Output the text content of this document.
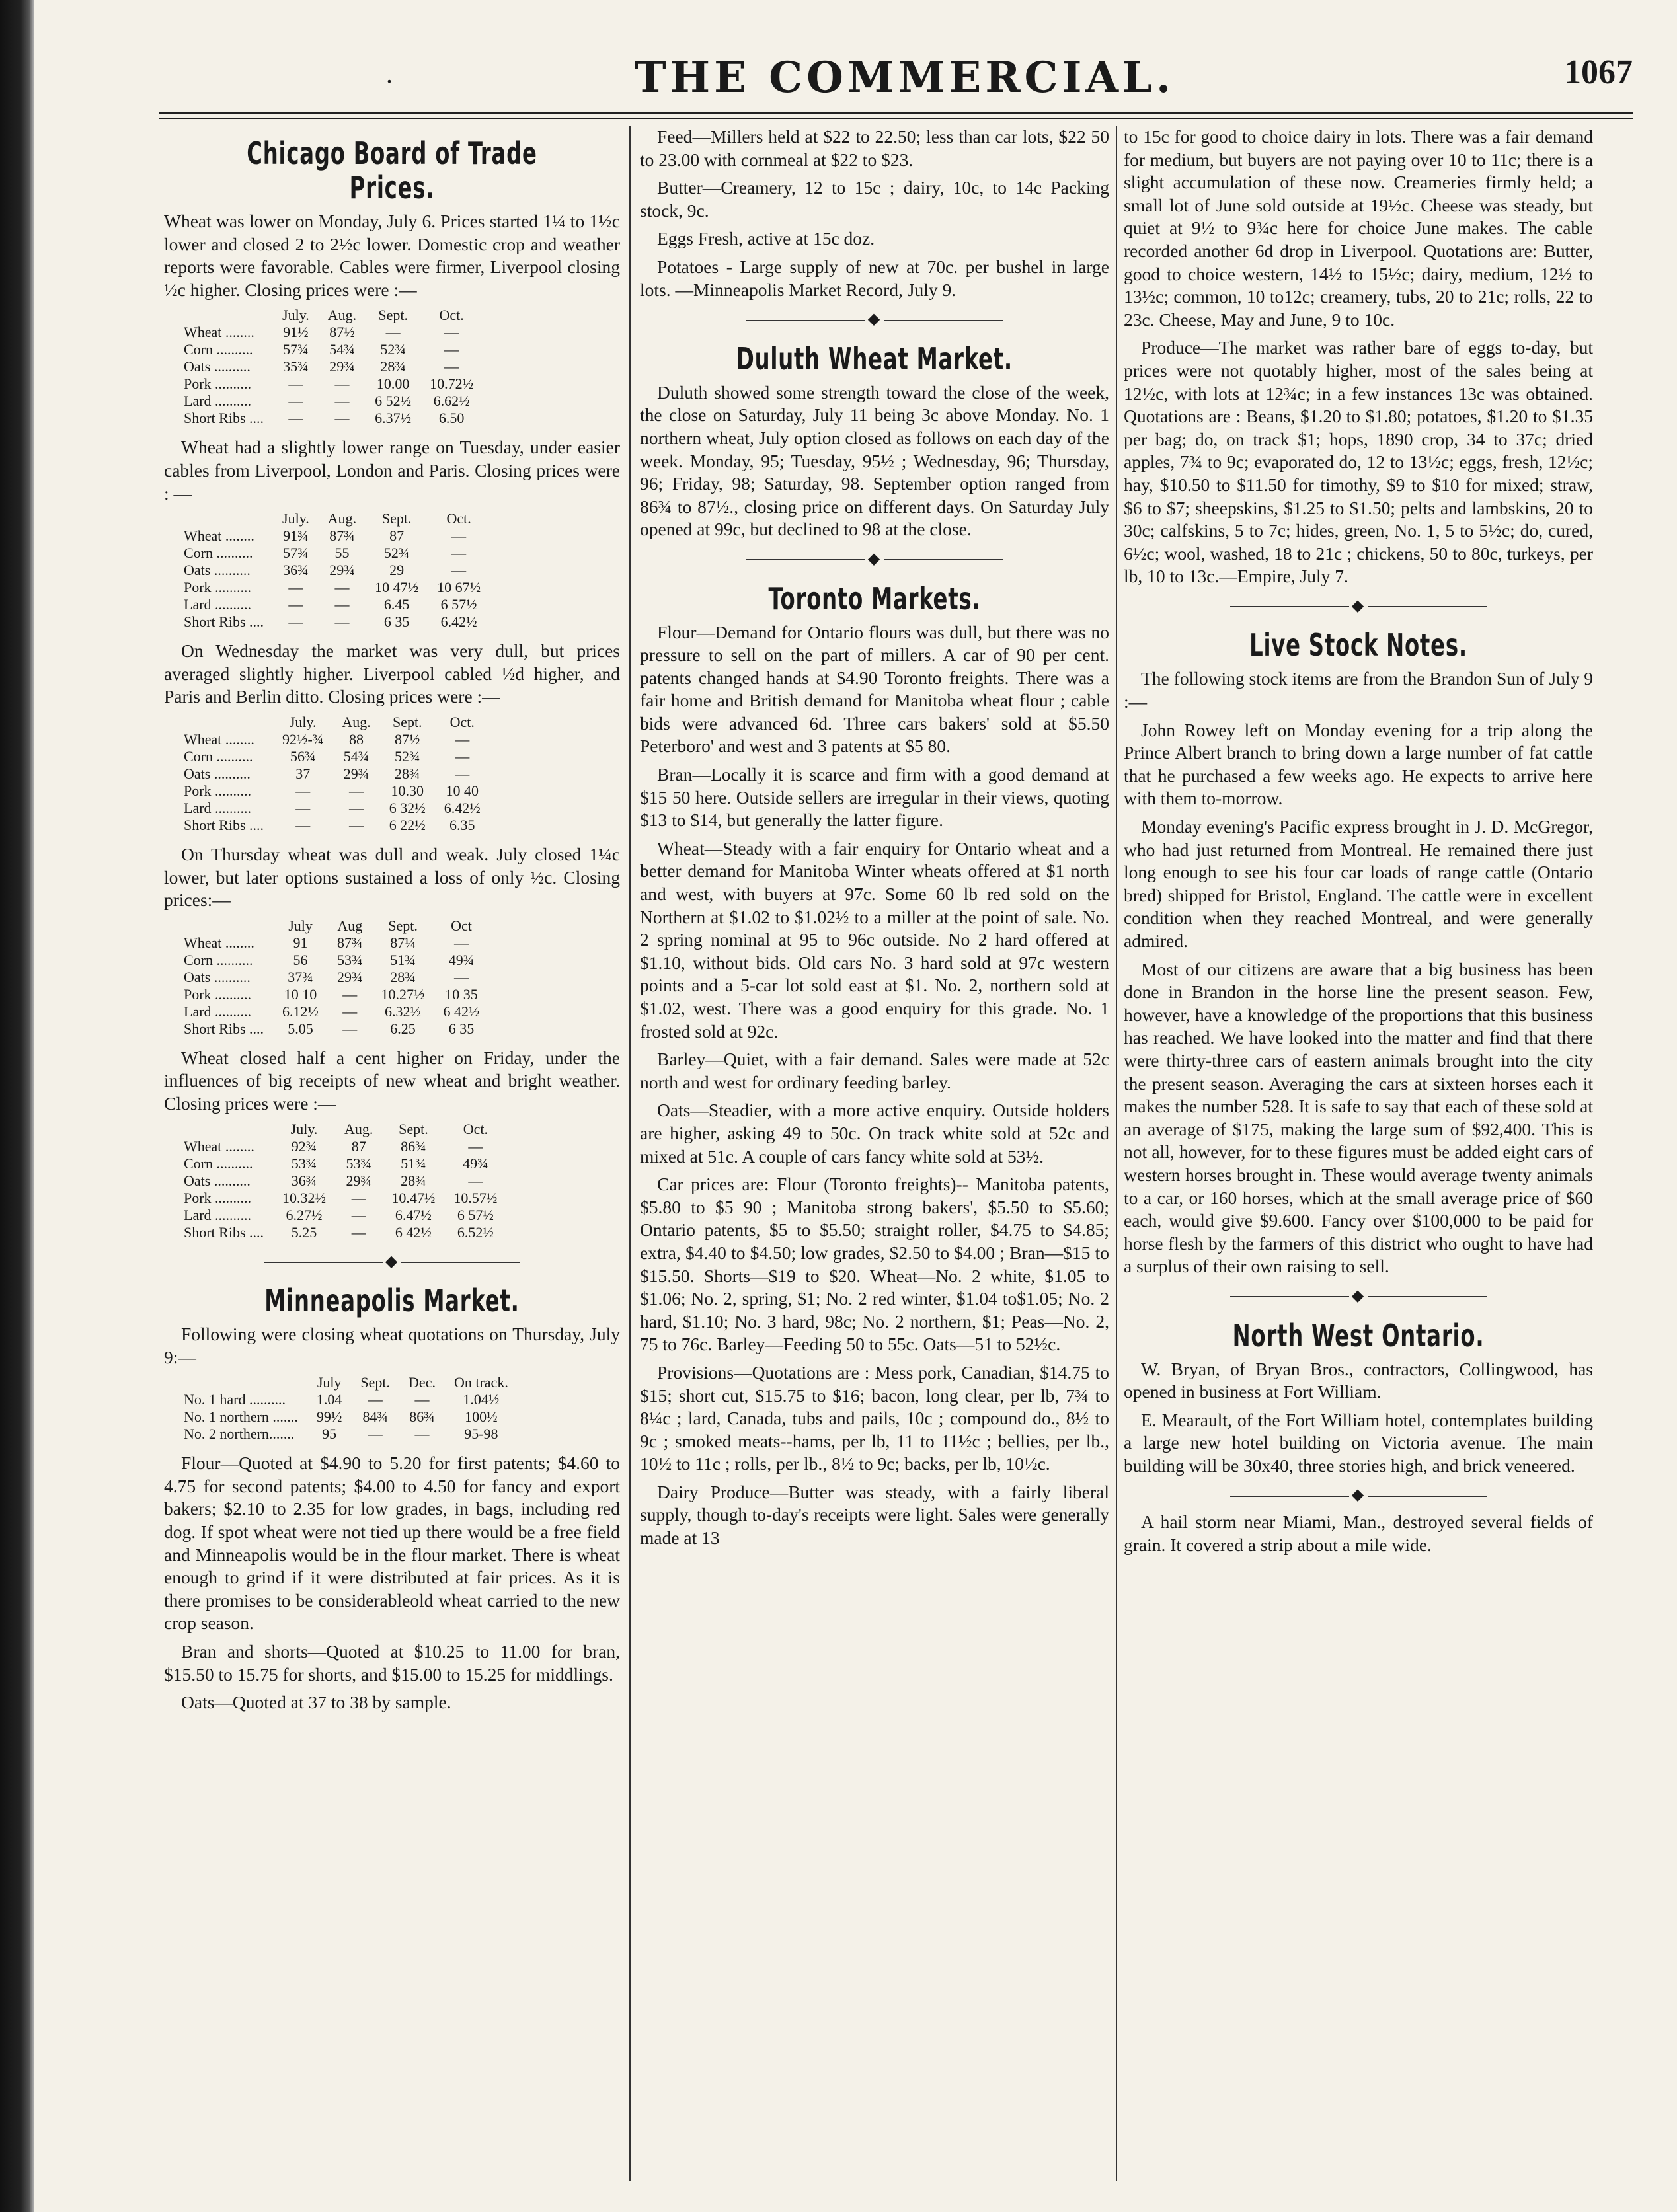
.	THE COMMERCIAL.	1067
Chicago Board of Trade Prices.

Wheat was lower on Monday, July 6. Prices started 1¼ to 1½c lower and closed 2 to 2½c lower. Domestic crop and weather reports were favorable. Cables were firmer, Liverpool closing ½c higher. Closing prices were :—

	July.	Aug.	Sept.	Oct.
Wheat ........	91½	87½	—	—
Corn ..........	57¾	54¾	52¾	—
Oats ..........	35¾	29¾	28¾	—
Pork ..........	—	—	10.00	10.72½
Lard ..........	—	—	6 52½	6.62½
Short Ribs ....	—	—	6.37½	6.50

Wheat had a slightly lower range on Tuesday, under easier cables from Liverpool, London and Paris. Closing prices were : —

	July.	Aug.	Sept.	Oct.
Wheat ........	91¾	87¾	87	—
Corn ..........	57¾	55	52¾	—
Oats ..........	36¾	29¾	29	—
Pork ..........	—	—	10 47½	10 67½
Lard ..........	—	—	6.45	6 57½
Short Ribs ....	—	—	6 35	6.42½

On Wednesday the market was very dull, but prices averaged slightly higher. Liverpool cabled ½d higher, and Paris and Berlin ditto. Closing prices were :—

	July.	Aug.	Sept.	Oct.
Wheat ........	92½-¾	88	87½	—
Corn ..........	56¾	54¾	52¾	—
Oats ..........	37	29¾	28¾	—
Pork ..........	—	—	10.30	10 40
Lard ..........	—	—	6 32½	6.42½
Short Ribs ....	—	—	6 22½	6.35

On Thursday wheat was dull and weak. July closed 1¼c lower, but later options sustained a loss of only ½c. Closing prices:—

	July	Aug	Sept.	Oct
Wheat ........	91	87¾	87¼	—
Corn ..........	56	53¾	51¾	49¾
Oats ..........	37¾	29¾	28¾	—
Pork ..........	10 10	—	10.27½	10 35
Lard ..........	6.12½	—	6.32½	6 42½
Short Ribs ....	5.05	—	6.25	6 35

Wheat closed half a cent higher on Friday, under the influences of big receipts of new wheat and bright weather. Closing prices were :—

	July.	Aug.	Sept.	Oct.
Wheat ........	92¾	87	86¾	—
Corn ..........	53¾	53¾	51¾	49¾
Oats ..........	36¾	29¾	28¾	—
Pork ..........	10.32½	—	10.47½	10.57½
Lard ..........	6.27½	—	6.47½	6 57½
Short Ribs ....	5.25	—	6 42½	6.52½
◆
Minneapolis Market.

Following were closing wheat quotations on Thursday, July 9:—

	July	Sept.	Dec.	On track.
No. 1 hard ..........	1.04	—	—	1.04½
No. 1 northern .......	99½	84¾	86¾	100½
No. 2 northern.......	95	—	—	95-98

Flour—Quoted at $4.90 to 5.20 for first patents; $4.60 to 4.75 for second patents; $4.00 to 4.50 for fancy and export bakers; $2.10 to 2.35 for low grades, in bags, including red dog. If spot wheat were not tied up there would be a free field and Minneapolis would be in the flour market. There is wheat enough to grind if it were distributed at fair prices. As it is there promises to be considerableold wheat carried to the new crop season.

Bran and shorts—Quoted at $10.25 to 11.00 for bran, $15.50 to 15.75 for shorts, and $15.00 to 15.25 for middlings.

Oats—Quoted at 37 to 38 by sample.

Feed—Millers held at $22 to 22.50; less than car lots, $22 50 to 23.00 with cornmeal at $22 to $23.

Butter—Creamery, 12 to 15c ; dairy, 10c, to 14c Packing stock, 9c.

Eggs Fresh, active at 15c doz.

Potatoes - Large supply of new at 70c. per bushel in large lots. —Minneapolis Market Record, July 9.

◆
Duluth Wheat Market.

Duluth showed some strength toward the close of the week, the close on Saturday, July 11 being 3c above Monday. No. 1 northern wheat, July option closed as follows on each day of the week. Monday, 95; Tuesday, 95½ ; Wednesday, 96; Thursday, 96; Friday, 98; Saturday, 98. September option ranged from 86¾ to 87½., closing price on different days. On Saturday July opened at 99c, but declined to 98 at the close.

◆
Toronto Markets.

Flour—Demand for Ontario flours was dull, but there was no pressure to sell on the part of millers. A car of 90 per cent. patents changed hands at $4.90 Toronto freights. There was a fair home and British demand for Manitoba wheat flour ; cable bids were advanced 6d. Three cars bakers' sold at $5.50 Peterboro' and west and 3 patents at $5 80.

Bran—Locally it is scarce and firm with a good demand at $15 50 here. Outside sellers are irregular in their views, quoting $13 to $14, but generally the latter figure.

Wheat—Steady with a fair enquiry for Ontario wheat and a better demand for Manitoba Winter wheats offered at $1 north and west, with buyers at 97c. Some 60 lb red sold on the Northern at $1.02 to $1.02½ to a miller at the point of sale. No. 2 spring nominal at 95 to 96c outside. No 2 hard offered at $1.10, without bids. Old cars No. 3 hard sold at 97c western points and a 5-car lot sold east at $1. No. 2, northern sold at $1.02, west. There was a good enquiry for this grade. No. 1 frosted sold at 92c.

Barley—Quiet, with a fair demand. Sales were made at 52c north and west for ordinary feeding barley.

Oats—Steadier, with a more active enquiry. Outside holders are higher, asking 49 to 50c. On track white sold at 52c and mixed at 51c. A couple of cars fancy white sold at 53½.

Car prices are: Flour (Toronto freights)-- Manitoba patents, $5.80 to $5 90 ; Manitoba strong bakers', $5.50 to $5.60; Ontario patents, $5 to $5.50; straight roller, $4.75 to $4.85; extra, $4.40 to $4.50; low grades, $2.50 to $4.00 ; Bran—$15 to $15.50. Shorts—$19 to $20. Wheat—No. 2 white, $1.05 to $1.06; No. 2, spring, $1; No. 2 red winter, $1.04 to$1.05; No. 2 hard, $1.10; No. 3 hard, 98c; No. 2 northern, $1; Peas—No. 2, 75 to 76c. Barley—Feeding 50 to 55c. Oats—51 to 52½c.

Provisions—Quotations are : Mess pork, Canadian, $14.75 to $15; short cut, $15.75 to $16; bacon, long clear, per lb, 7¾ to 8¼c ; lard, Canada, tubs and pails, 10c ; compound do., 8½ to 9c ; smoked meats--hams, per lb, 11 to 11½c ; bellies, per lb., 10½ to 11c ; rolls, per lb., 8½ to 9c; backs, per lb, 10½c.

Dairy Produce—Butter was steady, with a fairly liberal supply, though to-day's receipts were light. Sales were generally made at 13

to 15c for good to choice dairy in lots. There was a fair demand for medium, but buyers are not paying over 10 to 11c; there is a slight accumulation of these now. Creameries firmly held; a small lot of June sold outside at 19½c. Cheese was steady, but quiet at 9½ to 9¾c here for choice June makes. The cable recorded another 6d drop in Liverpool. Quotations are: Butter, good to choice western, 14½ to 15½c; dairy, medium, 12½ to 13½c; common, 10 to12c; creamery, tubs, 20 to 21c; rolls, 22 to 23c. Cheese, May and June, 9 to 10c.

Produce—The market was rather bare of eggs to-day, but prices were not quotably higher, most of the sales being at 12½c, with lots at 12¾c; in a few instances 13c was obtained. Quotations are : Beans, $1.20 to $1.80; potatoes, $1.20 to $1.35 per bag; do, on track $1; hops, 1890 crop, 34 to 37c; dried apples, 7¾ to 9c; evaporated do, 12 to 13½c; eggs, fresh, 12½c; hay, $10.50 to $11.50 for timothy, $9 to $10 for mixed; straw, $6 to $7; sheepskins, $1.25 to $1.50; pelts and lambskins, 20 to 30c; calfskins, 5 to 7c; hides, green, No. 1, 5 to 5½c; do, cured, 6½c; wool, washed, 18 to 21c ; chickens, 50 to 80c, turkeys, per lb, 10 to 13c.—Empire, July 7.

◆
Live Stock Notes.

The following stock items are from the Brandon Sun of July 9 :—

John Rowey left on Monday evening for a trip along the Prince Albert branch to bring down a large number of fat cattle that he purchased a few weeks ago. He expects to arrive here with them to-morrow.

Monday evening's Pacific express brought in J. D. McGregor, who had just returned from Montreal. He remained there just long enough to see his four car loads of range cattle (Ontario bred) shipped for Bristol, England. The cattle were in excellent condition when they reached Montreal, and were generally admired.

Most of our citizens are aware that a big business has been done in Brandon in the horse line the present season. Few, however, have a knowledge of the proportions that this business has reached. We have looked into the matter and find that there were thirty-three cars of eastern animals brought into the city the present season. Averaging the cars at sixteen horses each it makes the number 528. It is safe to say that each of these sold at an average of $175, making the large sum of $92,400. This is not all, however, for to these figures must be added eight cars of western horses brought in. These would average twenty animals to a car, or 160 horses, which at the small average price of $60 each, would give $9.600. Fancy over $100,000 to be paid for horse flesh by the farmers of this district who ought to have had a surplus of their own raising to sell.

◆
North West Ontario.

W. Bryan, of Bryan Bros., contractors, Collingwood, has opened in business at Fort William.

E. Mearault, of the Fort William hotel, contemplates building a large new hotel building on Victoria avenue. The main building will be 30x40, three stories high, and brick veneered.

◆

A hail storm near Miami, Man., destroyed several fields of grain. It covered a strip about a mile wide.
